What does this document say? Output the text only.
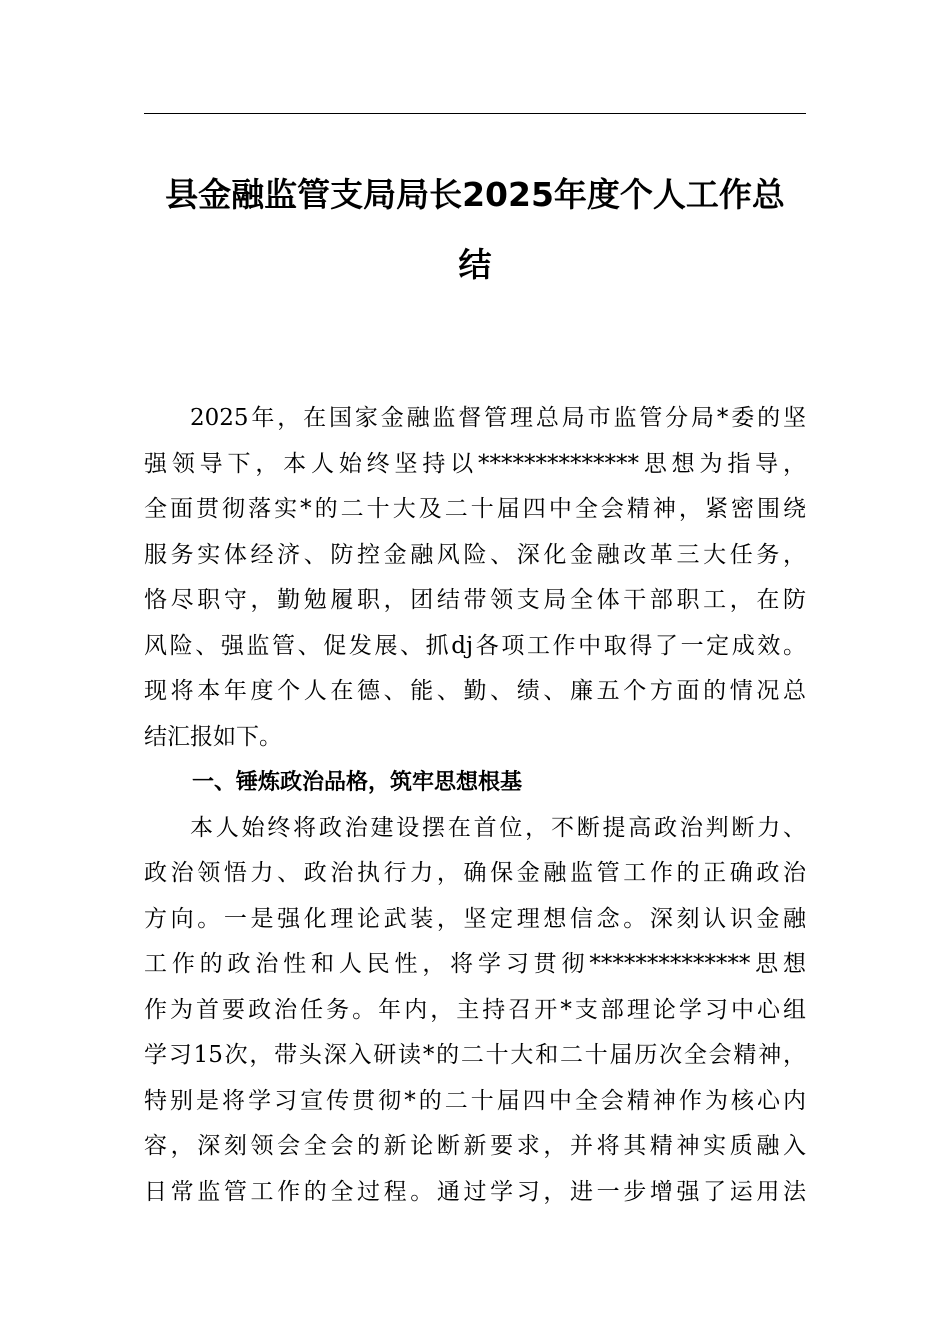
县金融监管支局局长2025年度个人工作总
结

2025年，在国家金融监督管理总局市监管分局*委的坚
强领导下，本人始终坚持以**************思想为指导，
全面贯彻落实*的二十大及二十届四中全会精神，紧密围绕
服务实体经济、防控金融风险、深化金融改革三大任务，
恪尽职守，勤勉履职，团结带领支局全体干部职工，在防
风险、强监管、促发展、抓dj各项工作中取得了一定成效。
现将本年度个人在德、能、勤、绩、廉五个方面的情况总
结汇报如下。

一、锤炼政治品格，筑牢思想根基

本人始终将政治建设摆在首位，不断提高政治判断力、
政治领悟力、政治执行力，确保金融监管工作的正确政治
方向。一是强化理论武装，坚定理想信念。深刻认识金融
工作的政治性和人民性，将学习贯彻**************思想
作为首要政治任务。年内，主持召开*支部理论学习中心组
学习15次，带头深入研读*的二十大和二十届历次全会精神，
特别是将学习宣传贯彻*的二十届四中全会精神作为核心内
容，深刻领会全会的新论断新要求，并将其精神实质融入
日常监管工作的全过程。通过学习，进一步增强了运用法
